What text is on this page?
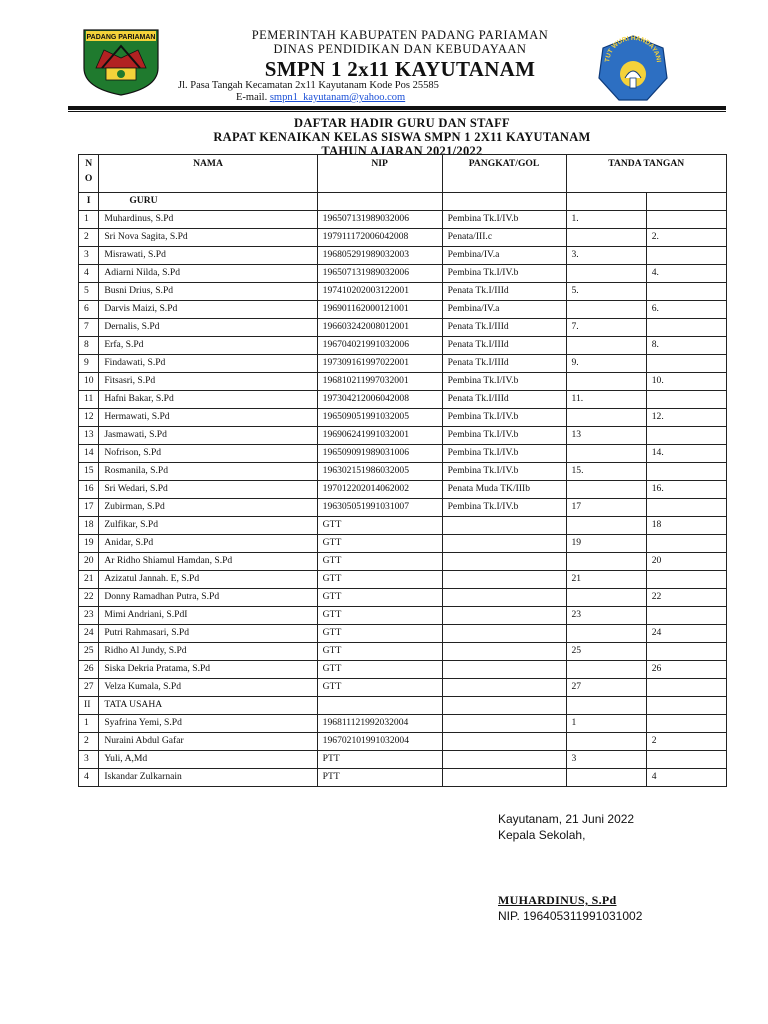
PADANG PARIAMAN
TUT WURI HANDAYANI
PEMERINTAH KABUPATEN PADANG PARIAMAN
DINAS PENDIDIKAN DAN KEBUDAYAAN
SMPN 1 2x11 KAYUTANAM
Jl. Pasa Tangah Kecamatan 2x11 Kayutanam Kode Pos 25585
E-mail. smpn1_kayutanam@yahoo.com
DAFTAR HADIR GURU DAN STAFF
RAPAT KENAIKAN KELAS SISWA SMPN 1 2X11 KAYUTANAM
TAHUN AJARAN 2021/2022
N
O	NAMA	NIP	PANGKAT/GOL	TANDA TANGAN	
I	GURU				
1	Muhardinus, S.Pd	196507131989032006	Pembina Tk.I/IV.b	1.	
2	Sri Nova Sagita, S.Pd	197911172006042008	Penata/III.c		2.
3	Misrawati, S.Pd	196805291989032003	Pembina/IV.a	3.	
4	Adiarni Nilda, S.Pd	196507131989032006	Pembina Tk.I/IV.b		4.
5	Busni Drius, S.Pd	197410202003122001	Penata Tk.I/IIId	5.	
6	Darvis Maizi, S.Pd	196901162000121001	Pembina/IV.a		6.
7	Dernalis, S.Pd	196603242008012001	Penata Tk.I/IIId	7.	
8	Erfa, S.Pd	196704021991032006	Penata Tk.I/IIId		8.
9	Findawati, S.Pd	197309161997022001	Penata Tk.I/IIId	9.	
10	Fitsasri, S.Pd	196810211997032001	Pembina Tk.I/IV.b		10.
11	Hafni Bakar, S.Pd	197304212006042008	Penata Tk.I/IIId	11.	
12	Hermawati, S.Pd	196509051991032005	Pembina Tk.I/IV.b		12.
13	Jasmawati, S.Pd	196906241991032001	Pembina Tk.I/IV.b	13	
14	Nofrison, S.Pd	196509091989031006	Pembina Tk.I/IV.b		14.
15	Rosmanila, S.Pd	196302151986032005	Pembina Tk.I/IV.b	15.	
16	Sri Wedari, S.Pd	197012202014062002	Penata Muda TK/IIIb		16.
17	Zubirman, S.Pd	196305051991031007	Pembina Tk.I/IV.b	17	
18	Zulfikar, S.Pd	GTT			18
19	Anidar, S.Pd	GTT		19	
20	Ar Ridho Shiamul Hamdan, S.Pd	GTT			20
21	Azizatul Jannah. E, S.Pd	GTT		21	
22	Donny Ramadhan Putra, S.Pd	GTT			22
23	Mimi Andriani, S.PdI	GTT		23	
24	Putri Rahmasari, S.Pd	GTT			24
25	Ridho Al Jundy, S.Pd	GTT		25	
26	Siska Dekria Pratama, S.Pd	GTT			26
27	Velza Kumala, S.Pd	GTT		27	
II	TATA USAHA				
1	Syafrina Yemi, S.Pd	196811121992032004		1	
2	Nuraini Abdul Gafar	196702101991032004			2
3	Yuli, A,Md	PTT		3	
4	Iskandar Zulkarnain	PTT			4
Kayutanam, 21 Juni 2022
Kepala Sekolah,
MUHARDINUS, S.Pd
NIP. 196405311991031002
